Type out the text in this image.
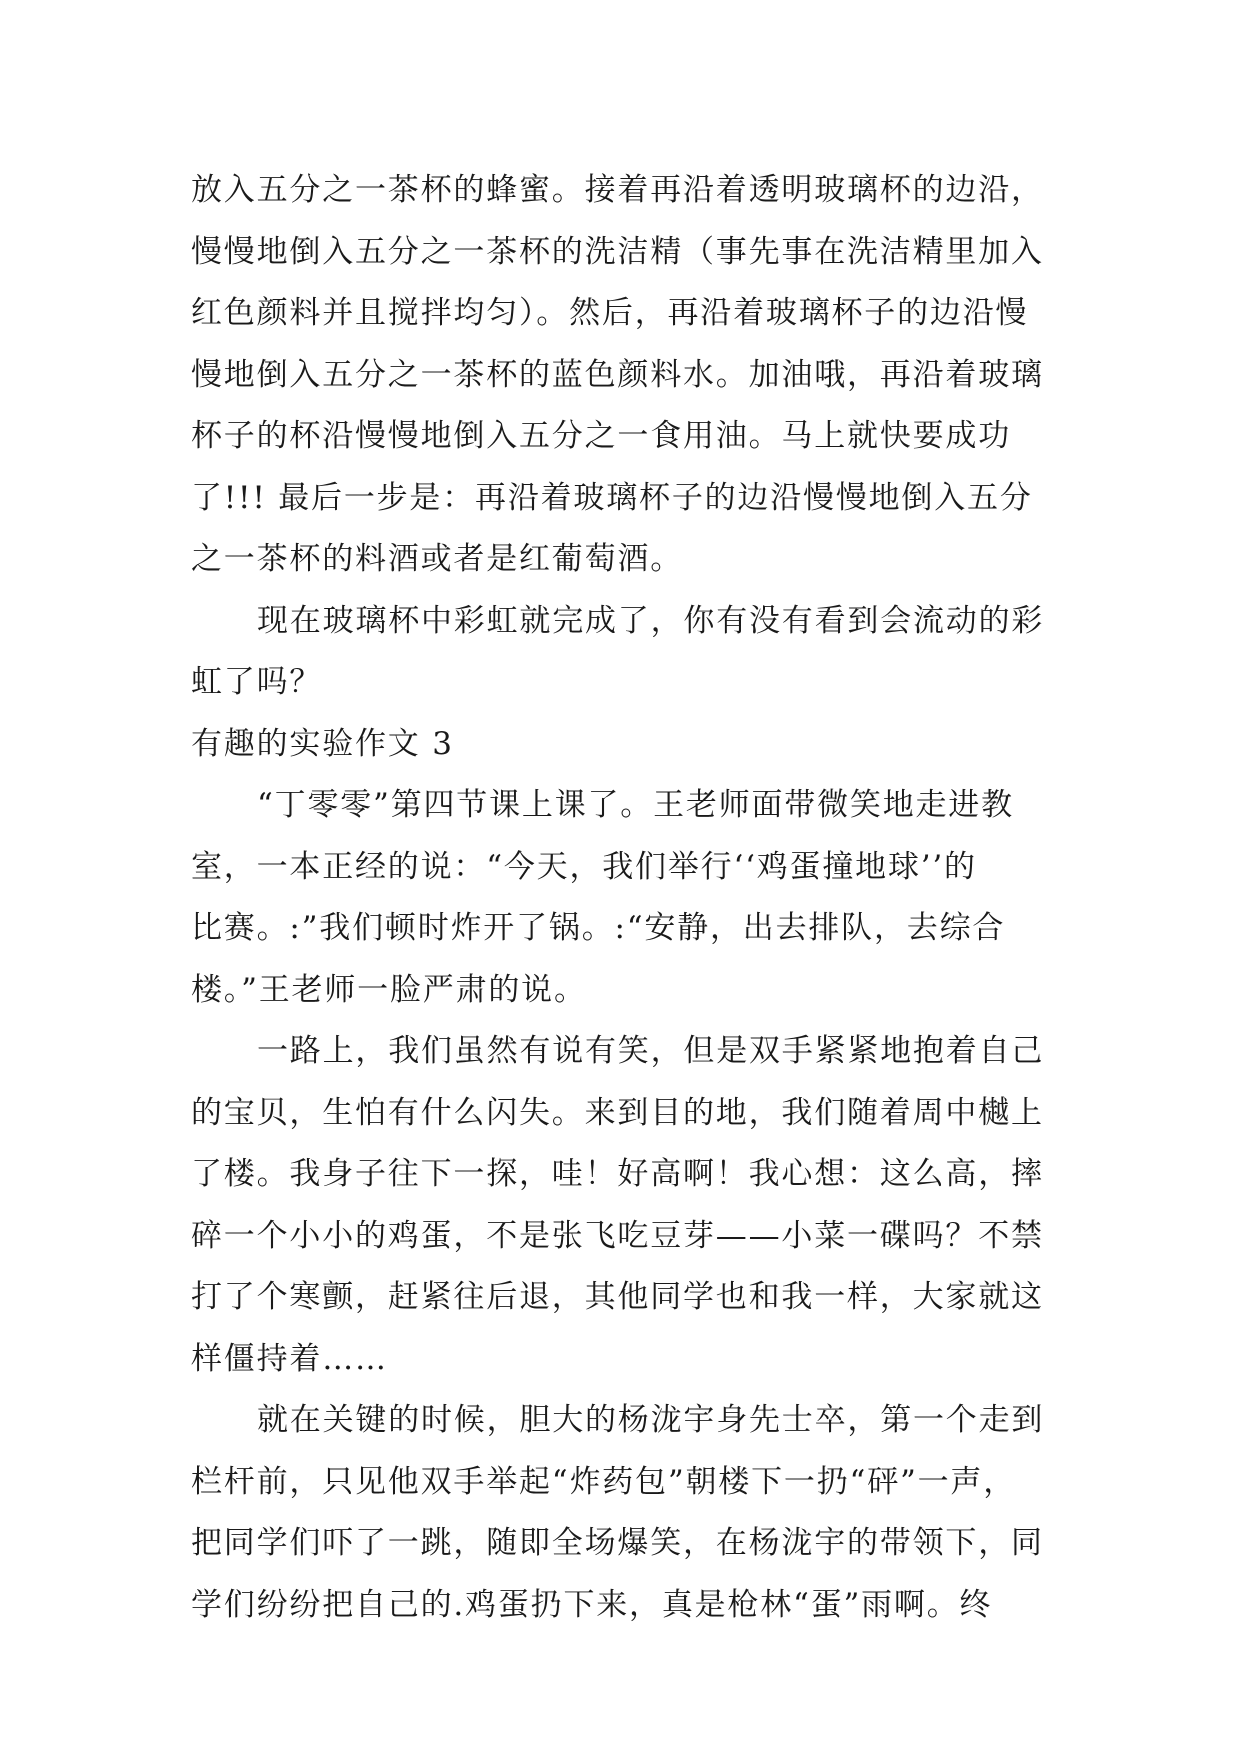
放入五分之一茶杯的蜂蜜。接着再沿着透明玻璃杯的边沿，
慢慢地倒入五分之一茶杯的洗洁精（事先事在洗洁精里加入
红色颜料并且搅拌均匀）。然后，再沿着玻璃杯子的边沿慢
慢地倒入五分之一茶杯的蓝色颜料水。加油哦，再沿着玻璃
杯子的杯沿慢慢地倒入五分之一食用油。马上就快要成功
了!!! 最后一步是：再沿着玻璃杯子的边沿慢慢地倒入五分
之一茶杯的料酒或者是红葡萄酒。
现在玻璃杯中彩虹就完成了，你有没有看到会流动的彩
虹了吗？
有趣的实验作文 3
“丁零零”第四节课上课了。王老师面带微笑地走进教
室，一本正经的说：“今天，我们举行‘‘鸡蛋撞地球’’的
比赛。:”我们顿时炸开了锅。:“安静，出去排队，去综合
楼。”王老师一脸严肃的说。
一路上，我们虽然有说有笑，但是双手紧紧地抱着自己
的宝贝，生怕有什么闪失。来到目的地，我们随着周中樾上
了楼。我身子往下一探，哇！好高啊！我心想：这么高，摔
碎一个小小的鸡蛋，不是张飞吃豆芽——小菜一碟吗？不禁
打了个寒颤，赶紧往后退，其他同学也和我一样，大家就这
样僵持着……
就在关键的时候，胆大的杨泷宇身先士卒，第一个走到
栏杆前，只见他双手举起“炸药包”朝楼下一扔“砰”一声，
把同学们吓了一跳，随即全场爆笑，在杨泷宇的带领下，同
学们纷纷把自己的.鸡蛋扔下来，真是枪林“蛋”雨啊。终
